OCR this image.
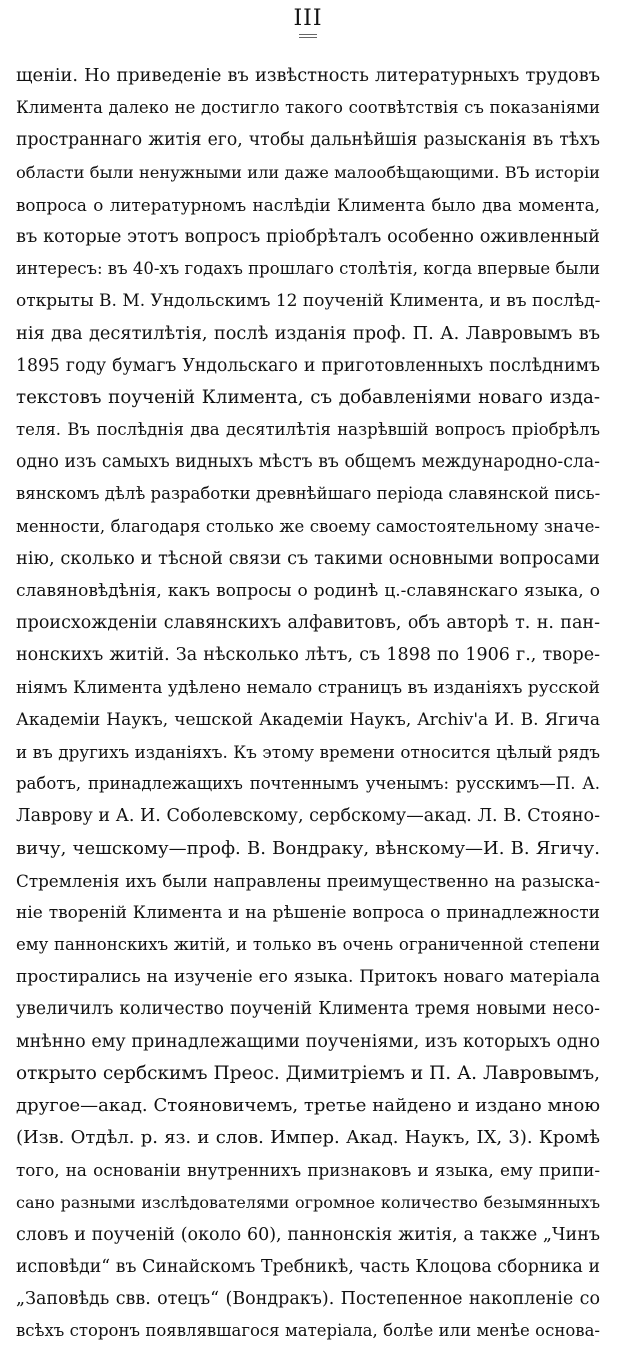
III
щеніи. Но приведеніе въ извѣстность литературныхъ трудовъ
Климента далеко не достигло такого соотвѣтствія съ показаніями
пространнаго житія его, чтобы дальнѣйшія разысканія въ тѣхъ
области были ненужными или даже малообѣщающими. ВЪ исторіи
вопроса о литературномъ наслѣдіи Климента было два момента,
въ которые этотъ вопросъ пріобрѣталъ особенно оживленный
интересъ: въ 40-хъ годахъ прошлаго столѣтія, когда впервые были
открыты В. М. Ундольскимъ 12 поученій Климента, и въ послѣд-
нія два десятилѣтія, послѣ изданія проф. П. А. Лавровымъ въ
1895 году бумагъ Ундольскаго и приготовленныхъ послѣднимъ
текстовъ поученій Климента, съ добавленіями новаго изда-
теля. Въ послѣднія два десятилѣтія назрѣвшій вопросъ пріобрѣлъ
одно изъ самыхъ видныхъ мѣстъ въ общемъ международно-сла-
вянскомъ дѣлѣ разработки древнѣйшаго періода славянской пись-
менности, благодаря столько же своему самостоятельному значе-
нію, сколько и тѣсной связи съ такими основными вопросами
славяновѣдѣнія, какъ вопросы о родинѣ ц.-славянскаго языка, о
происхожденіи славянскихъ алфавитовъ, объ авторѣ т. н. пан-
нонскихъ житій. За нѣсколько лѣтъ, съ 1898 по 1906 г., творе-
ніямъ Климента удѣлено немало страницъ въ изданіяхъ русской
Академіи Наукъ, чешской Академіи Наукъ, Archiv'а И. В. Ягича
и въ другихъ изданіяхъ. Къ этому времени относится цѣлый рядъ
работъ, принадлежащихъ почтеннымъ ученымъ: русскимъ—П. А.
Лаврову и А. И. Соболевскому, сербскому—акад. Л. В. Стояно-
вичу, чешскому—проф. В. Вондраку, вѣнскому—И. В. Ягичу.
Стремленія ихъ были направлены преимущественно на разыска-
ніе твореній Климента и на рѣшеніе вопроса о принадлежности
ему паннонскихъ житій, и только въ очень ограниченной степени
простирались на изученіе его языка. Притокъ новаго матеріала
увеличилъ количество поученій Климента тремя новыми несо-
мнѣнно ему принадлежащими поученіями, изъ которыхъ одно
открыто сербскимъ Преос. Димитріемъ и П. А. Лавровымъ,
другое—акад. Стояновичемъ, третье найдено и издано мною
(Изв. Отдѣл. р. яз. и слов. Импер. Акад. Наукъ, IX, 3). Кромѣ
того, на основаніи внутреннихъ признаковъ и языка, ему припи-
сано разными изслѣдователями огромное количество безымянныхъ
словъ и поученій (около 60), паннонскія житія, а также „Чинъ
исповѣди“ въ Синайскомъ Требникѣ, часть Клоцова сборника и
„Заповѣдь свв. отецъ“ (Вондракъ). Постепенное накопленіе со
всѣхъ сторонъ появлявшагося матеріала, болѣе или менѣе основа-
